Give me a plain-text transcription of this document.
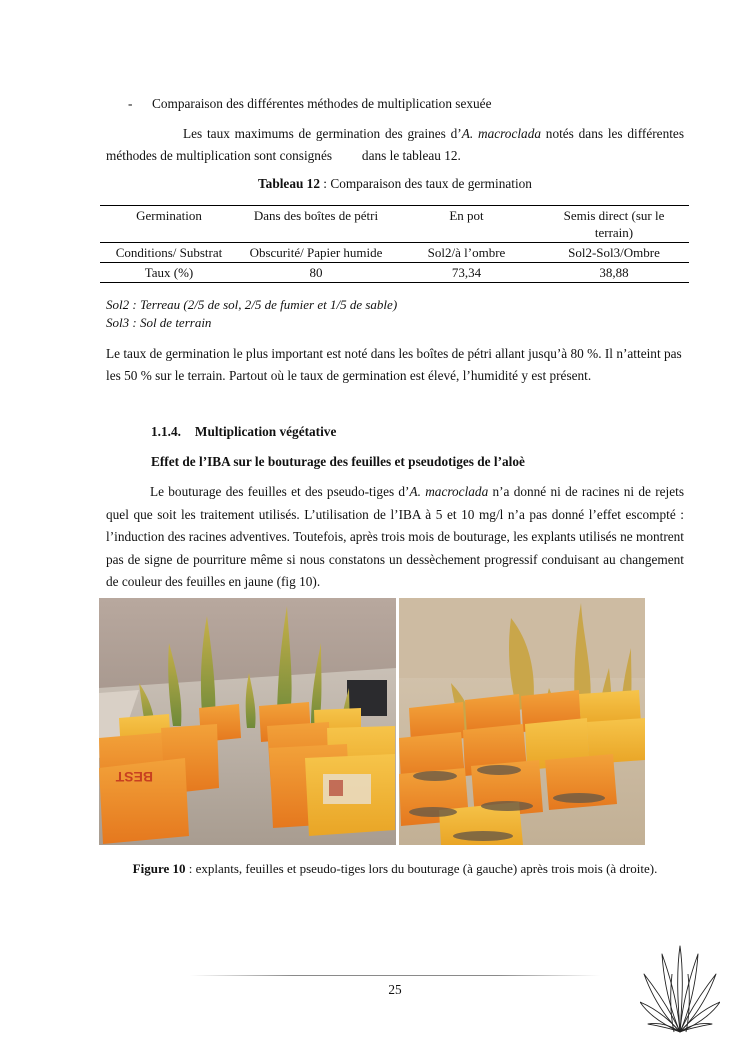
- Comparaison des différentes méthodes de multiplication sexuée

Les taux maximums de germination des graines d’A. macroclada notés dans les différentes méthodes de multiplication sont consignés         dans le tableau 12.

Tableau 12 : Comparaison des taux de germination
Germination	Dans des boîtes de pétri	En pot	Semis direct (sur le terrain)
Conditions/ Substrat	Obscurité/ Papier humide	Sol2/à l’ombre	Sol2-Sol3/Ombre
Taux (%)	80	73,34	38,88
Sol2 : Terreau (2/5 de sol, 2/5 de fumier et 1/5 de sable)
Sol3 : Sol de terrain

Le taux de germination le plus important est noté dans les boîtes de pétri allant jusqu’à 80 %. Il n’atteint pas les 50 % sur le terrain. Partout où le taux de germination est élevé, l’humidité y est présent.

1.1.4. Multiplication végétative
Effet de l’IBA sur le bouturage des feuilles et pseudotiges de l’aloè

Le bouturage des feuilles et des pseudo-tiges d’A. macroclada n’a donné ni de racines ni de rejets quel que soit les traitement utilisés. L’utilisation de l’IBA à 5 et 10 mg/l n’a pas donné l’effet escompté : l’induction des racines adventives. Toutefois, après trois mois de bouturage, les explants utilisés ne montrent pas de signe de pourriture même si nous constatons un dessèchement progressif conduisant au changement de couleur des feuilles en jaune (fig 10).

BEST
Figure 10 : explants, feuilles et pseudo-tiges lors du bouturage (à gauche) après trois mois (à droite).
25
